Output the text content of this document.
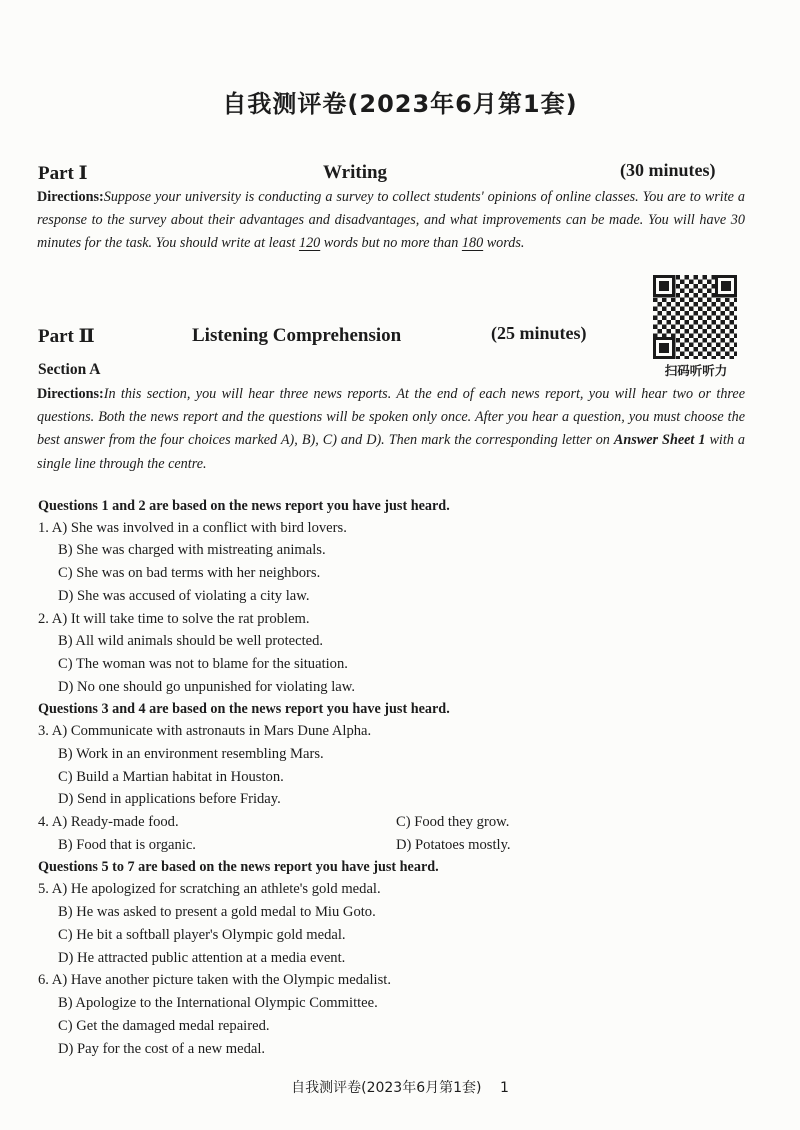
自我测评卷(2023年6月第1套)
Part Ⅰ	Writing	(30 minutes)
Directions:Suppose your university is conducting a survey to collect students' opinions of online classes. You are to write a response to the survey about their advantages and disadvantages, and what improvements can be made. You will have 30 minutes for the task. You should write at least 120 words but no more than 180 words.
Part Ⅱ	Listening Comprehension	(25 minutes)
扫码听听力
Section A
Directions:In this section, you will hear three news reports. At the end of each news report, you will hear two or three questions. Both the news report and the questions will be spoken only once. After you hear a question, you must choose the best answer from the four choices marked A), B), C) and D). Then mark the corresponding letter on Answer Sheet 1 with a single line through the centre.
Questions 1 and 2 are based on the news report you have just heard.
1. A) She was involved in a conflict with bird lovers.
B) She was charged with mistreating animals.
C) She was on bad terms with her neighbors.
D) She was accused of violating a city law.
2. A) It will take time to solve the rat problem.
B) All wild animals should be well protected.
C) The woman was not to blame for the situation.
D) No one should go unpunished for violating law.
Questions 3 and 4 are based on the news report you have just heard.
3. A) Communicate with astronauts in Mars Dune Alpha.
B) Work in an environment resembling Mars.
C) Build a Martian habitat in Houston.
D) Send in applications before Friday.
4. A) Ready-made food.	C) Food they grow.
B) Food that is organic.	D) Potatoes mostly.
Questions 5 to 7 are based on the news report you have just heard.
5. A) He apologized for scratching an athlete's gold medal.
B) He was asked to present a gold medal to Miu Goto.
C) He bit a softball player's Olympic gold medal.
D) He attracted public attention at a media event.
6. A) Have another picture taken with the Olympic medalist.
B) Apologize to the International Olympic Committee.
C) Get the damaged medal repaired.
D) Pay for the cost of a new medal.
自我测评卷(2023年6月第1套) 1
